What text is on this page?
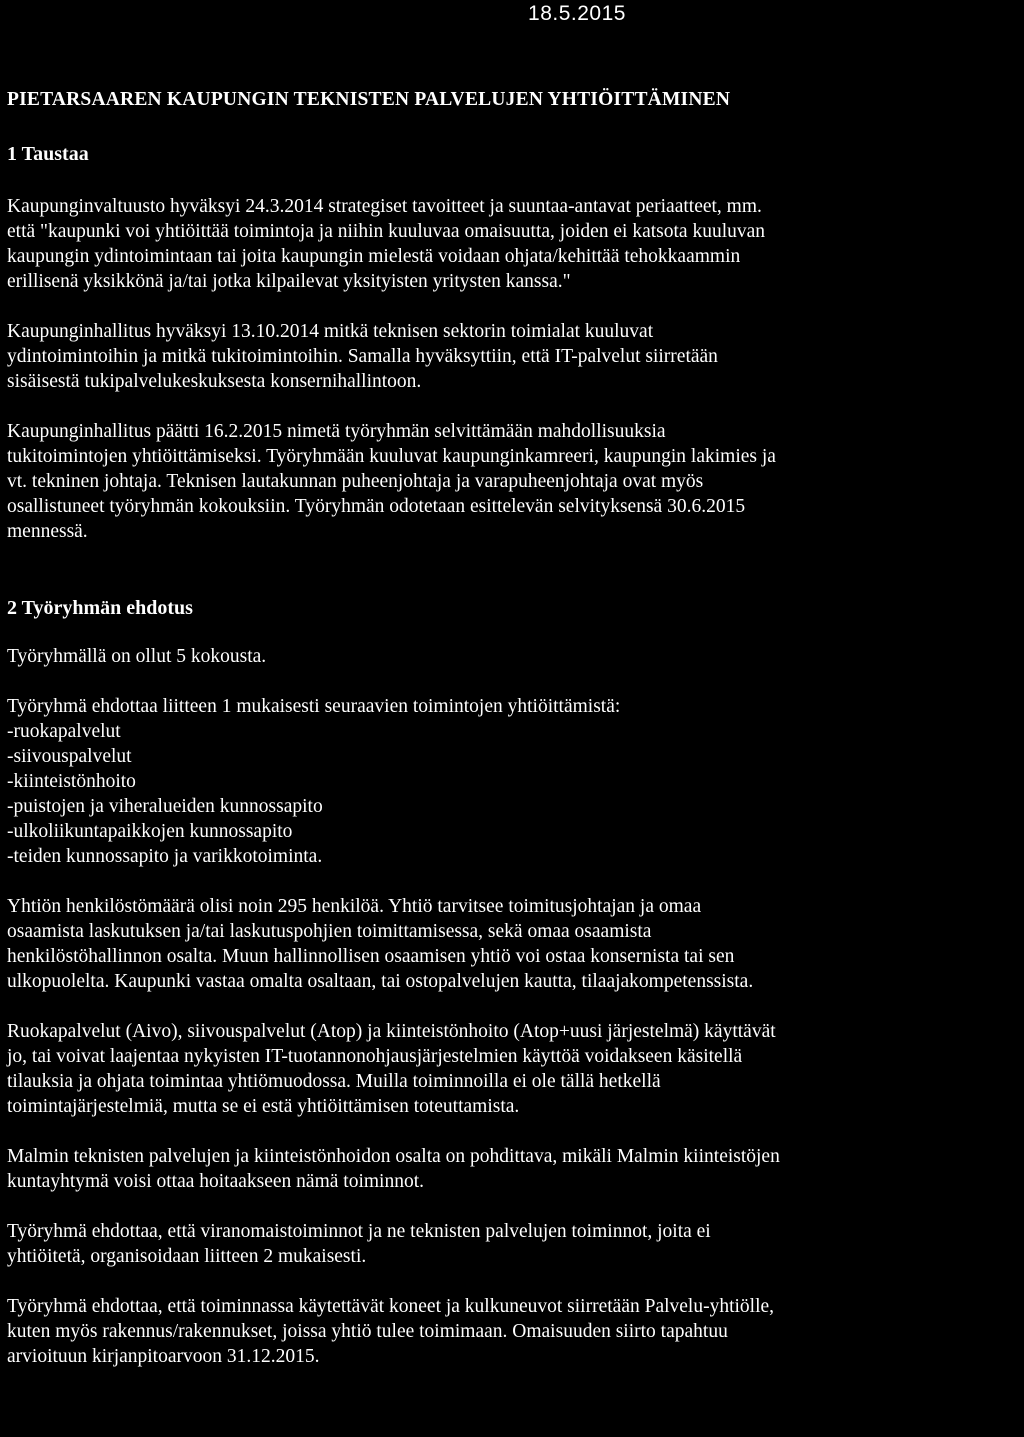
18.5.2015
PIETARSAAREN KAUPUNGIN TEKNISTEN PALVELUJEN YHTIÖITTÄMINEN
1 Taustaa
Kaupunginvaltuusto hyväksyi 24.3.2014 strategiset tavoitteet ja suuntaa-antavat periaatteet, mm.
että "kaupunki voi yhtiöittää toimintoja ja niihin kuuluvaa omaisuutta, joiden ei katsota kuuluvan
kaupungin ydintoimintaan tai joita kaupungin mielestä voidaan ohjata/kehittää tehokkaammin
erillisenä yksikkönä ja/tai jotka kilpailevat yksityisten yritysten kanssa."
Kaupunginhallitus hyväksyi 13.10.2014 mitkä teknisen sektorin toimialat kuuluvat
ydintoimintoihin ja mitkä tukitoimintoihin. Samalla hyväksyttiin, että IT-palvelut siirretään
sisäisestä tukipalvelukeskuksesta konsernihallintoon.
Kaupunginhallitus päätti 16.2.2015 nimetä työryhmän selvittämään mahdollisuuksia
tukitoimintojen yhtiöittämiseksi. Työryhmään kuuluvat kaupunginkamreeri, kaupungin lakimies ja
vt. tekninen johtaja. Teknisen lautakunnan puheenjohtaja ja varapuheenjohtaja ovat myös
osallistuneet työryhmän kokouksiin. Työryhmän odotetaan esittelevän selvityksensä 30.6.2015
mennessä.
2 Työryhmän ehdotus
Työryhmällä on ollut 5 kokousta.
Työryhmä ehdottaa liitteen 1 mukaisesti seuraavien toimintojen yhtiöittämistä:
-ruokapalvelut
-siivouspalvelut
-kiinteistönhoito
-puistojen ja viheralueiden kunnossapito
-ulkoliikuntapaikkojen kunnossapito
-teiden kunnossapito ja varikkotoiminta.
Yhtiön henkilöstömäärä olisi noin 295 henkilöä. Yhtiö tarvitsee toimitusjohtajan ja omaa
osaamista laskutuksen ja/tai laskutuspohjien toimittamisessa, sekä omaa osaamista
henkilöstöhallinnon osalta. Muun hallinnollisen osaamisen yhtiö voi ostaa konsernista tai sen
ulkopuolelta. Kaupunki vastaa omalta osaltaan, tai ostopalvelujen kautta, tilaajakompetenssista.
Ruokapalvelut (Aivo), siivouspalvelut (Atop) ja kiinteistönhoito (Atop+uusi järjestelmä) käyttävät
jo, tai voivat laajentaa nykyisten IT-tuotannonohjausjärjestelmien käyttöä voidakseen käsitellä
tilauksia ja ohjata toimintaa yhtiömuodossa. Muilla toiminnoilla ei ole tällä hetkellä
toimintajärjestelmiä, mutta se ei estä yhtiöittämisen toteuttamista.
Malmin teknisten palvelujen ja kiinteistönhoidon osalta on pohdittava, mikäli Malmin kiinteistöjen
kuntayhtymä voisi ottaa hoitaakseen nämä toiminnot.
Työryhmä ehdottaa, että viranomaistoiminnot ja ne teknisten palvelujen toiminnot, joita ei
yhtiöitetä, organisoidaan liitteen 2 mukaisesti.
Työryhmä ehdottaa, että toiminnassa käytettävät koneet ja kulkuneuvot siirretään Palvelu-yhtiölle,
kuten myös rakennus/rakennukset, joissa yhtiö tulee toimimaan. Omaisuuden siirto tapahtuu
arvioituun kirjanpitoarvoon 31.12.2015.
